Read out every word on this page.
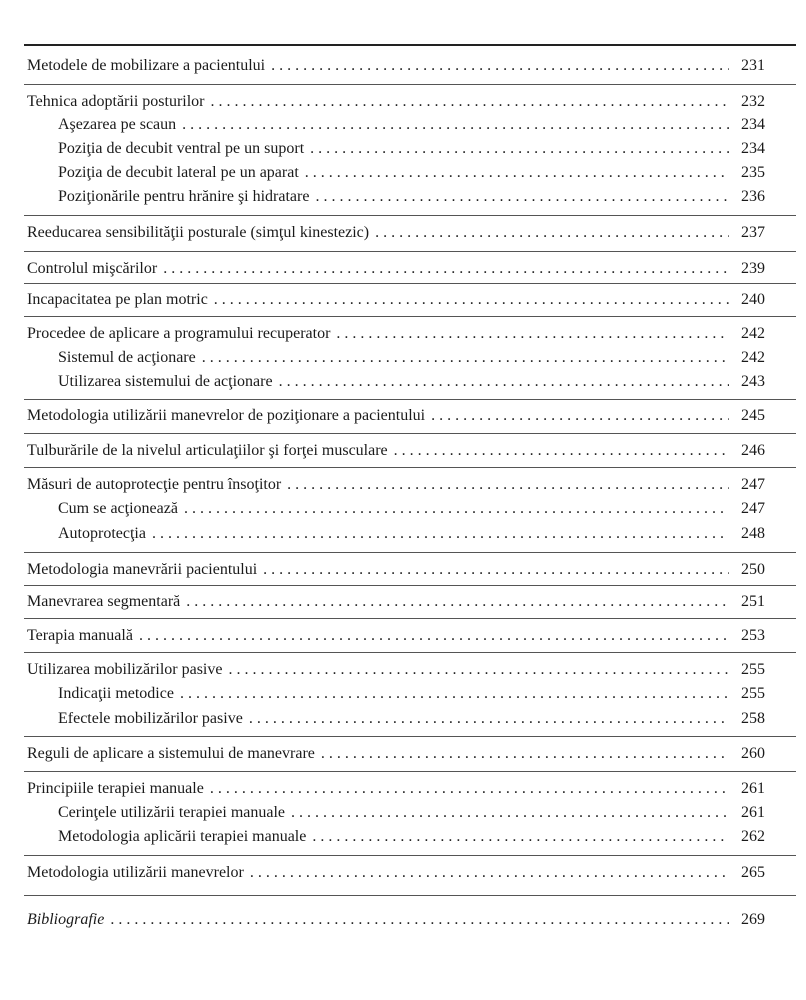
Metodele de mobilizare a pacientului . . .	231
Tehnica adoptării posturilor . . .	232
Aşezarea pe scaun . . .	234
Poziţia de decubit ventral pe un suport . . .	234
Poziţia de decubit lateral pe un aparat . . .	235
Poziţionările pentru hrănire şi hidratare . . .	236
Reeducarea sensibilităţii posturale (simţul kinestezic) . . .	237
Controlul mişcărilor . . .	239
Incapacitatea pe plan motric . . .	240
Procedee de aplicare a programului recuperator . . .	242
Sistemul de acţionare . . .	242
Utilizarea sistemului de acţionare . . .	243
Metodologia utilizării manevrelor de poziţionare a pacientului . . .	245
Tulburările de la nivelul articulaţiilor şi forţei musculare . . .	246
Măsuri de autoprotecţie pentru însoţitor . . .	247
Cum se acţionează . . .	247
Autoprotecţia . . .	248
Metodologia manevrării pacientului . . .	250
Manevrarea segmentară . . .	251
Terapia manuală . . .	253
Utilizarea mobilizărilor pasive . . .	255
Indicaţii metodice . . .	255
Efectele mobilizărilor pasive . . .	258
Reguli de aplicare a sistemului de manevrare . . .	260
Principiile terapiei manuale . . .	261
Cerinţele utilizării terapiei manuale . . .	261
Metodologia aplicării terapiei manuale . . .	262
Metodologia utilizării manevrelor . . .	265
Bibliografie . . .	269
